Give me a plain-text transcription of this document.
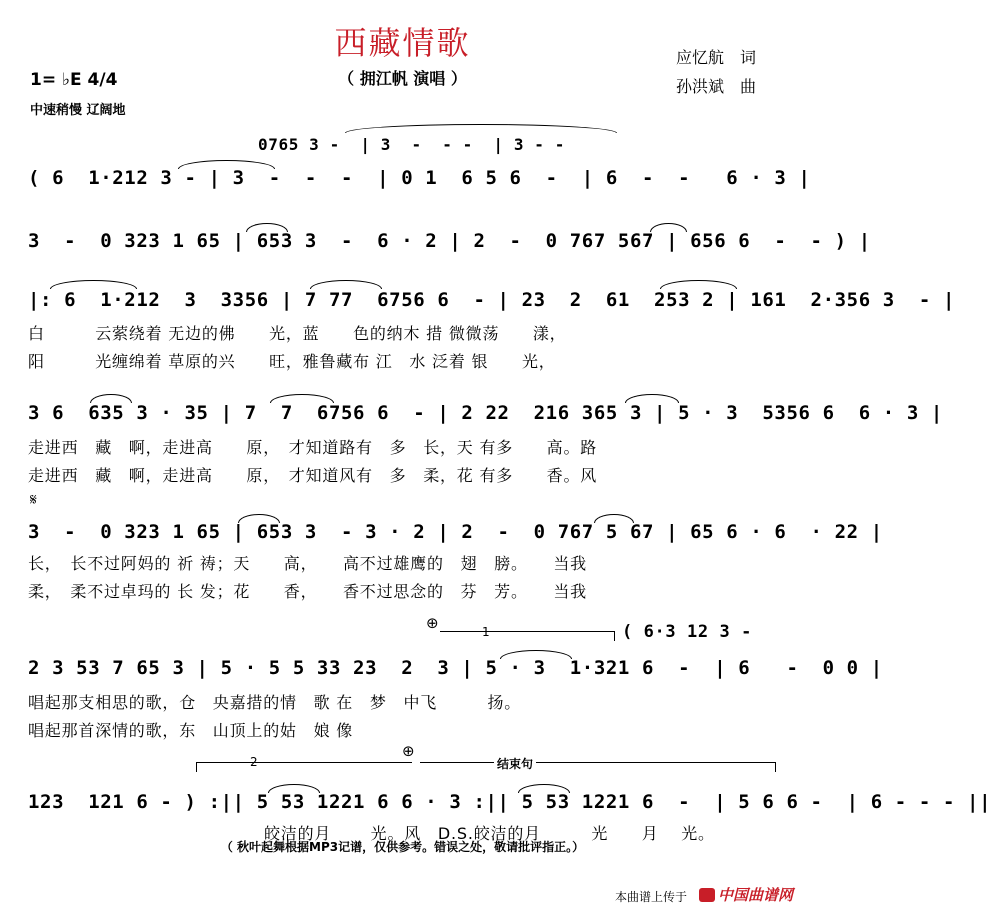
西藏情歌
（ 拥江帆 演唱 ）
应忆航　词
孙洪斌　曲
1= ♭E 4/4
中速稍慢 辽阔地
0765 3 -  | 3  -  - -  | 3 - -
( 6  1·212 3 - | 3  -  -  -  | 0 1  6 5 6  -  | 6  -  -   6 · 3 |
3  -  0 323 1 65 | 653 3  -  6 · 2 | 2  -  0 767 567 | 656 6  -  - ) |
|: 6  1·212  3  3356 | 7 77  6756 6  - | 23  2  61  253 2 | 161  2·356 3  - |
白　　　云萦绕着 无边的佛　　光，蓝　　色的纳木 措 微微荡　　漾，
阳　　　光缠绵着 草原的兴　　旺，雅鲁藏布 江　水 泛着 银　　光，
3 6  635 3 · 35 | 7  7  6756 6  - | 2 22  216 365 3 | 5 · 3  5356 6  6 · 3 |
走进西　藏　啊，走进高　　原，　才知道路有　多　长，天 有多　　高。路
走进西　藏　啊，走进高　　原，　才知道风有　多　柔，花 有多　　香。风
𝄋
3  -  0 323 1 65 | 653 3  - 3 · 2 | 2  -  0 767 5 67 | 65 6 · 6  · 22 |
长，　长不过阿妈的 祈 祷；天　　高，　　高不过雄鹰的　翅　膀。　　当我
柔，　柔不过卓玛的 长 发；花　　香，　　香不过思念的　芬　芳。　　当我
⊕	1	( 6·3 12 3 -
2 3 53 7 65 3 | 5 · 5 5 33 23  2  3 | 5 · 3  1·321 6  -  | 6   -  0 0 |
唱起那支相思的歌，仓　央嘉措的情　歌 在　梦　中飞　　　扬。
唱起那首深情的歌，东　山顶上的姑　娘 像
⊕
2	结束句
123  121 6 - ) :|| 5 53 1221 6 6 · 3 :|| 5 53 1221 6  -  | 5 6 6 -  | 6 - - - ||
皎洁的月　　 光。风　D.S.皎洁的月　　　光　　月　 光。
（ 秋叶起舞根据MP3记谱，仅供参考。错误之处，敬请批评指正。）
本曲谱上传于	中国曲谱网
